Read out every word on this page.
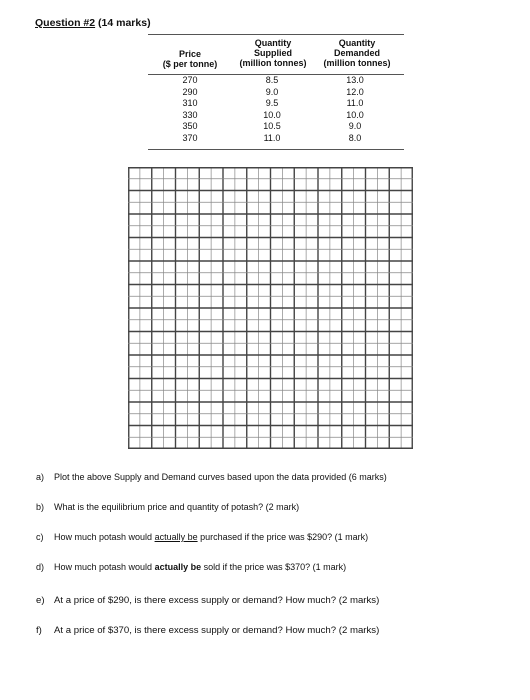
Question #2 (14 marks)
Price
($ per tonne)
Quantity
Supplied
(million tonnes)
Quantity
Demanded
(million tonnes)
270
290
310
330
350
370
8.5
9.0
9.5
10.0
10.5
11.0
13.0
12.0
11.0
10.0
9.0
8.0
a) Plot the above Supply and Demand curves based upon the data provided (6 marks)
b) What is the equilibrium price and quantity of potash? (2 mark)
c) How much potash would actually be purchased if the price was $290? (1 mark)
d) How much potash would actually be sold if the price was $370? (1 mark)
e) At a price of $290, is there excess supply or demand? How much? (2 marks)
f) At a price of $370, is there excess supply or demand? How much? (2 marks)
